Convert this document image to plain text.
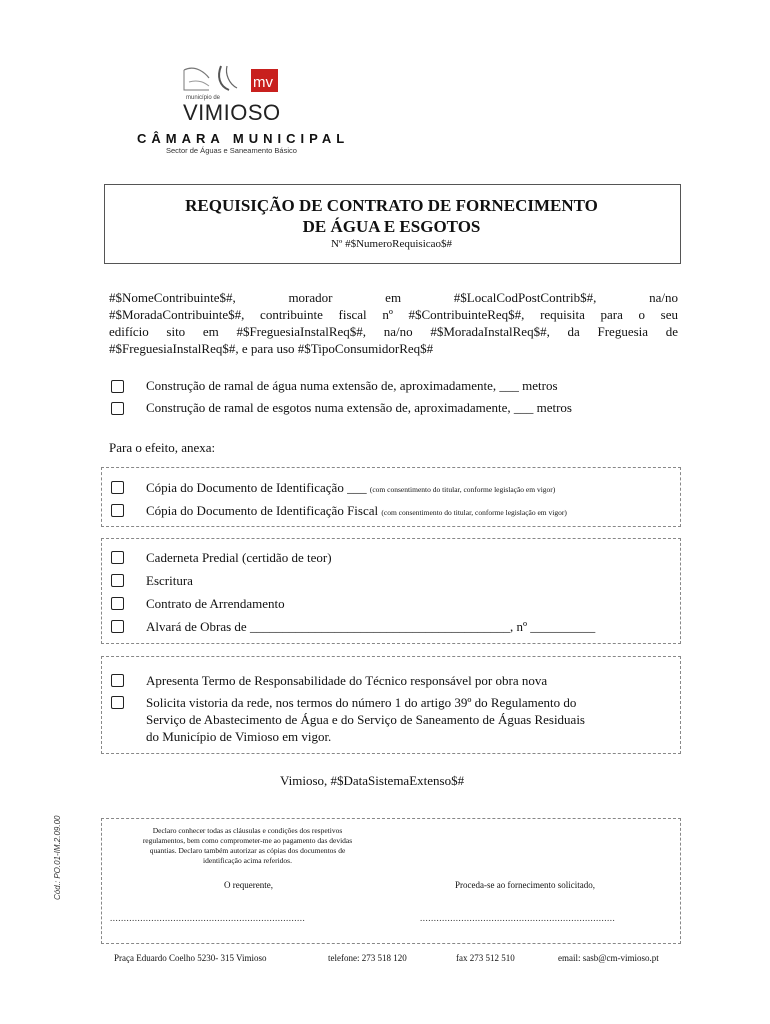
mv
município de
VIMIOSO
CÂMARA MUNICIPAL
Sector de Águas e Saneamento Básico
REQUISIÇÃO DE CONTRATO DE FORNECIMENTO
DE ÁGUA E ESGOTOS
Nº #$NumeroRequisicao$#
#$NomeContribuinte$#, morador em #$LocalCodPostContrib$#, na/no
#$MoradaContribuinte$#, contribuinte fiscal nº #$ContribuinteReq$#, requisita para o seu
edifício sito em #$FreguesiaInstalReq$#, na/no #$MoradaInstalReq$#, da Freguesia de
#$FreguesiaInstalReq$#, e para uso #$TipoConsumidorReq$#
Construção de ramal de água numa extensão de, aproximadamente, ___ metros
Construção de ramal de esgotos numa extensão de, aproximadamente, ___ metros
Para o efeito, anexa:
Cópia do Documento de Identificação ___ (com consentimento do titular, conforme legislação em vigor)
Cópia do Documento de Identificação Fiscal (com consentimento do titular, conforme legislação em vigor)
Caderneta Predial (certidão de teor)
Escritura
Contrato de Arrendamento
Alvará de Obras de ________________________________________, nº __________
Apresenta Termo de Responsabilidade do Técnico responsável por obra nova
Solicita vistoria da rede, nos termos do número 1 do artigo 39º do Regulamento do
Serviço de Abastecimento de Água e do Serviço de Saneamento de Águas Residuais
do Município de Vimioso em vigor.
Vimioso, #$DataSistemaExtenso$#
Declaro conhecer todas as cláusulas e condições dos respetivos
regulamentos, bem como comprometer-me ao pagamento das devidas
quantias. Declaro também autorizar as cópias dos documentos de
identificação acima referidos.
O requerente,	Proceda-se ao fornecimento solicitado,
.......................................................................	.......................................................................
Cód.: PO.01-IM.2.09.00
Praça Eduardo Coelho 5230- 315 Vimioso	telefone: 273 518 120	fax 273 512 510	email: sasb@cm-vimioso.pt
